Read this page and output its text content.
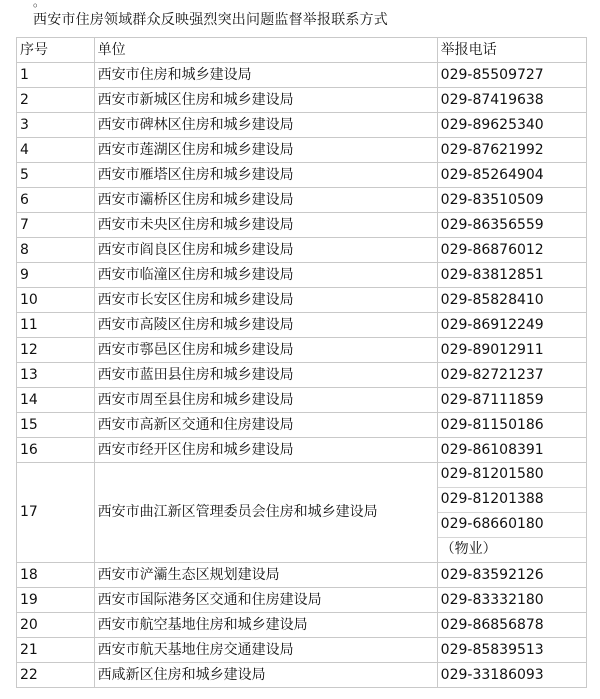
。
西安市住房领域群众反映强烈突出问题监督举报联系方式
序号	单位	举报电话
1	西安市住房和城乡建设局	029-85509727
2	西安市新城区住房和城乡建设局	029-87419638
3	西安市碑林区住房和城乡建设局	029-89625340
4	西安市莲湖区住房和城乡建设局	029-87621992
5	西安市雁塔区住房和城乡建设局	029-85264904
6	西安市灞桥区住房和城乡建设局	029-83510509
7	西安市未央区住房和城乡建设局	029-86356559
8	西安市阎良区住房和城乡建设局	029-86876012
9	西安市临潼区住房和城乡建设局	029-83812851
10	西安市长安区住房和城乡建设局	029-85828410
11	西安市高陵区住房和城乡建设局	029-86912249
12	西安市鄠邑区住房和城乡建设局	029-89012911
13	西安市蓝田县住房和城乡建设局	029-82721237
14	西安市周至县住房和城乡建设局	029-87111859
15	西安市高新区交通和住房建设局	029-81150186
16	西安市经开区住房和城乡建设局	029-86108391
17	西安市曲江新区管理委员会住房和城乡建设局	029-81201580
029-81201388
029-68660180
（物业）

18	西安市浐灞生态区规划建设局	029-83592126
19	西安市国际港务区交通和住房建设局	029-83332180
20	西安市航空基地住房和城乡建设局	029-86856878
21	西安市航天基地住房交通建设局	029-85839513
22	西咸新区住房和城乡建设局	029-33186093
